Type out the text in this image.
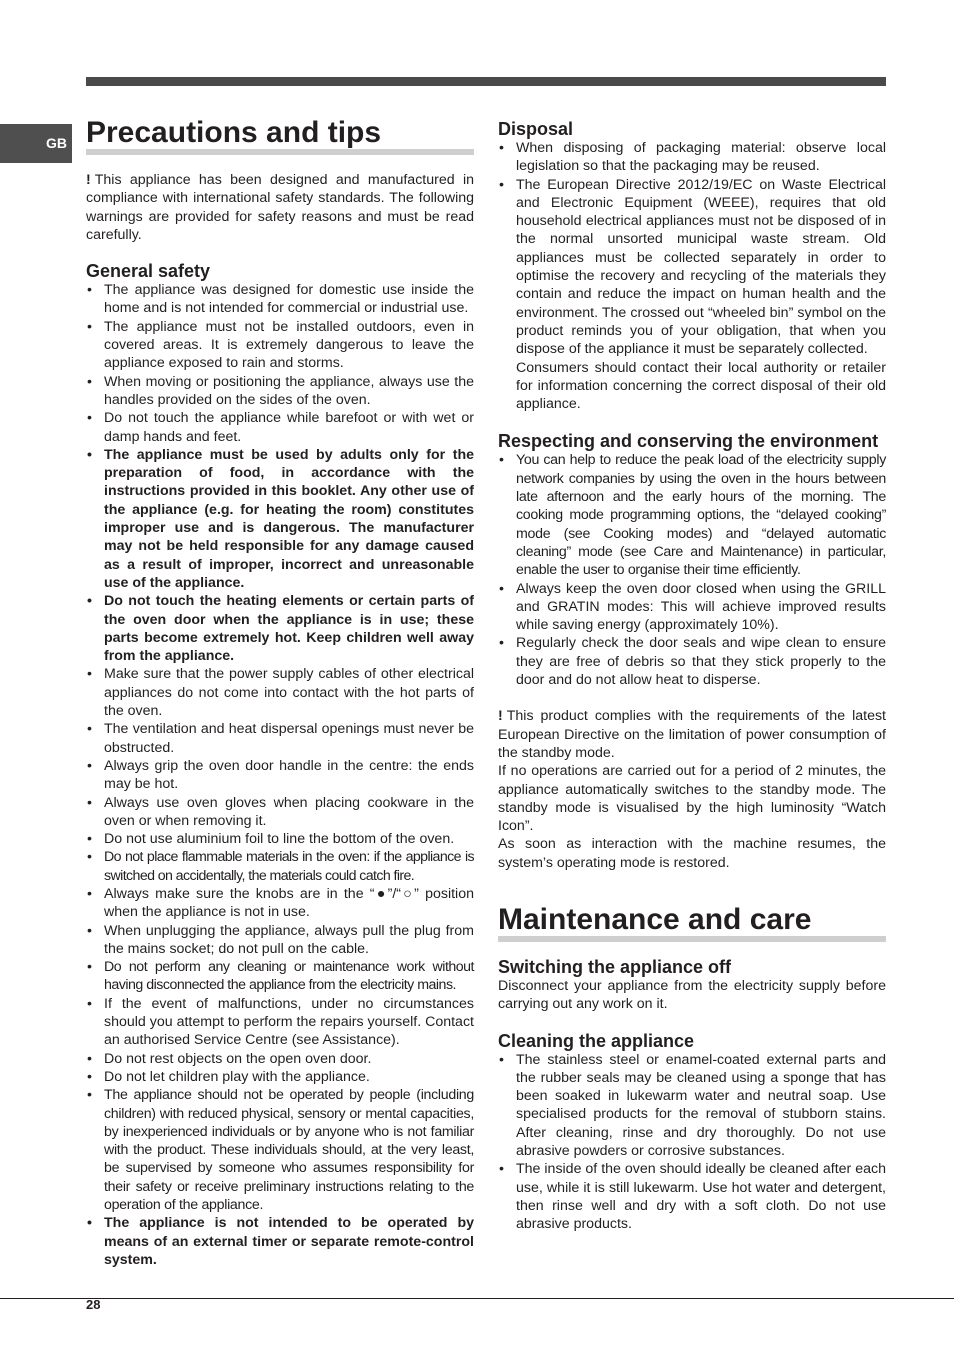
GB Precautions and tips

! This appliance has been designed and manufactured in compliance with international safety standards. The following warnings are provided for safety reasons and must be read carefully.

General safety
• The appliance was designed for domestic use inside the home and is not intended for commercial or industrial use.
• The appliance must not be installed outdoors, even in covered areas. It is extremely dangerous to leave the appliance exposed to rain and storms.
• When moving or positioning the appliance, always use the handles provided on the sides of the oven.
• Do not touch the appliance while barefoot or with wet or damp hands and feet.
• The appliance must be used by adults only for the preparation of food, in accordance with the instructions provided in this booklet. Any other use of the appliance (e.g. for heating the room) constitutes improper use and is dangerous. The manufacturer may not be held responsible for any damage caused as a result of improper, incorrect and unreasonable use of the appliance.
• Do not touch the heating elements or certain parts of the oven door when the appliance is in use; these parts become extremely hot. Keep children well away from the appliance.
• Make sure that the power supply cables of other electrical appliances do not come into contact with the hot parts of the oven.
• The ventilation and heat dispersal openings must never be obstructed.
• Always grip the oven door handle in the centre: the ends may be hot.
• Always use oven gloves when placing cookware in the oven or when removing it.
• Do not use aluminium foil to line the bottom of the oven.
• Do not place flammable materials in the oven: if the appliance is switched on accidentally, the materials could catch fire.
• Always make sure the knobs are in the “●”/“○” position when the appliance is not in use.
• When unplugging the appliance, always pull the plug from the mains socket; do not pull on the cable.
• Do not perform any cleaning or maintenance work without having disconnected the appliance from the electricity mains.
• If the event of malfunctions, under no circumstances should you attempt to perform the repairs yourself. Contact an authorised Service Centre (see Assistance).
• Do not rest objects on the open oven door.
• Do not let children play with the appliance.
• The appliance should not be operated by people (including children) with reduced physical, sensory or mental capacities, by inexperienced individuals or by anyone who is not familiar with the product. These individuals should, at the very least, be supervised by someone who assumes responsibility for their safety or receive preliminary instructions relating to the operation of the appliance.
• The appliance is not intended to be operated by means of an external timer or separate remote-control system.
Disposal
• When disposing of packaging material: observe local legislation so that the packaging may be reused.
• The European Directive 2012/19/EC on Waste Electrical and Electronic Equipment (WEEE), requires that old household electrical appliances must not be disposed of in the normal unsorted municipal waste stream. Old appliances must be collected separately in order to optimise the recovery and recycling of the materials they contain and reduce the impact on human health and the environment. The crossed out “wheeled bin” symbol on the product reminds you of your obligation, that when you dispose of the appliance it must be separately collected.

Consumers should contact their local authority or retailer for information concerning the correct disposal of their old appliance.

Respecting and conserving the environment
• You can help to reduce the peak load of the electricity supply network companies by using the oven in the hours between late afternoon and the early hours of the morning. The cooking mode programming options, the “delayed cooking” mode (see Cooking modes) and “delayed automatic cleaning” mode (see Care and Maintenance) in particular, enable the user to organise their time efficiently.
• Always keep the oven door closed when using the GRILL and GRATIN modes: This will achieve improved results while saving energy (approximately 10%).
• Regularly check the door seals and wipe clean to ensure they are free of debris so that they stick properly to the door and do not allow heat to disperse.

! This product complies with the requirements of the latest European Directive on the limitation of power consumption of the standby mode.

If no operations are carried out for a period of 2 minutes, the appliance automatically switches to the standby mode. The standby mode is visualised by the high luminosity “Watch Icon”.

As soon as interaction with the machine resumes, the system’s operating mode is restored.

Maintenance and care
Switching the appliance off

Disconnect your appliance from the electricity supply before carrying out any work on it.

Cleaning the appliance
• The stainless steel or enamel-coated external parts and the rubber seals may be cleaned using a sponge that has been soaked in lukewarm water and neutral soap. Use specialised products for the removal of stubborn stains. After cleaning, rinse and dry thoroughly. Do not use abrasive powders or corrosive substances.
• The inside of the oven should ideally be cleaned after each use, while it is still lukewarm. Use hot water and detergent, then rinse well and dry with a soft cloth. Do not use abrasive products.
28
